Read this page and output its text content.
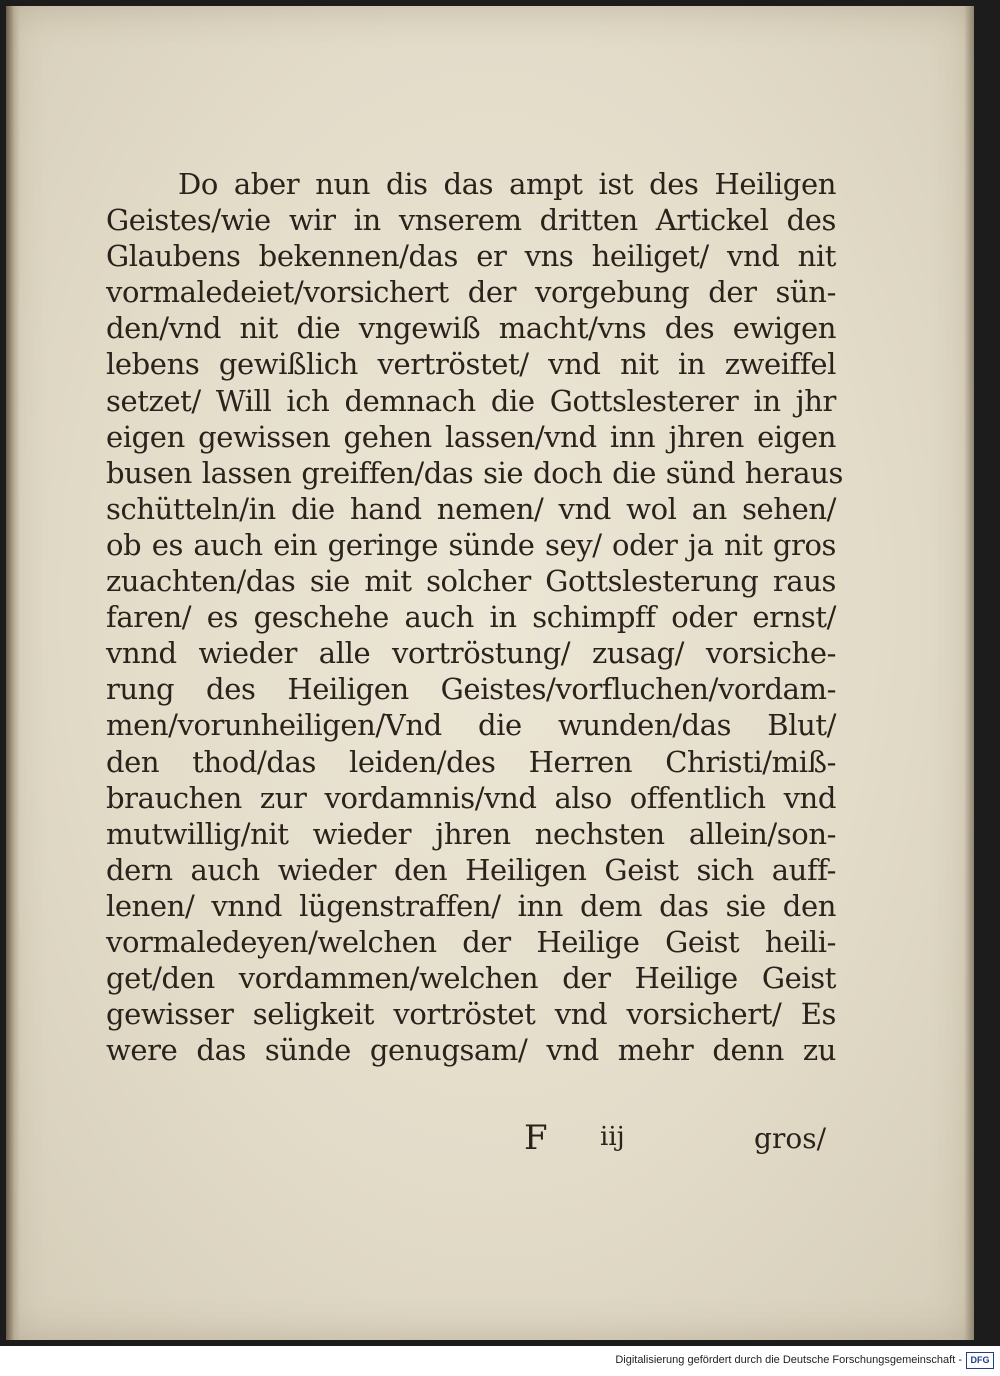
Do aber nun dis das ampt ist des Heiligen
Geistes/wie wir in vnserem dritten Artickel des
Glaubens bekennen/das er vns heiliget/ vnd nit
vormaledeiet/vorsichert der vorgebung der sün-
den/vnd nit die vngewiß macht/vns des ewigen
lebens gewißlich vertröstet/ vnd nit in zweiffel
setzet/ Will ich demnach die Gottslesterer in jhr
eigen gewissen gehen lassen/vnd inn jhren eigen
busen lassen greiffen/das sie doch die sünd heraus
schütteln/in die hand nemen/ vnd wol an sehen/
ob es auch ein geringe sünde sey/ oder ja nit gros
zuachten/das sie mit solcher Gottslesterung raus
faren/ es geschehe auch in schimpff oder ernst/
vnnd wieder alle vortröstung/ zusag/ vorsiche-
rung des Heiligen Geistes/vorfluchen/vordam-
men/vorunheiligen/Vnd die wunden/das Blut/
den thod/das leiden/des Herren Christi/miß-
brauchen zur vordamnis/vnd also offentlich vnd
mutwillig/nit wieder jhren nechsten allein/son-
dern auch wieder den Heiligen Geist sich auff-
lenen/ vnnd lügenstraffen/ inn dem das sie den
vormaledeyen/welchen der Heilige Geist heili-
get/den vordammen/welchen der Heilige Geist
gewisser seligkeit vortröstet vnd vorsichert/ Es
were das sünde genugsam/ vnd mehr denn zu
F iij	gros/
Digitalisierung gefördert durch die Deutsche Forschungsgemeinschaft - DFG
